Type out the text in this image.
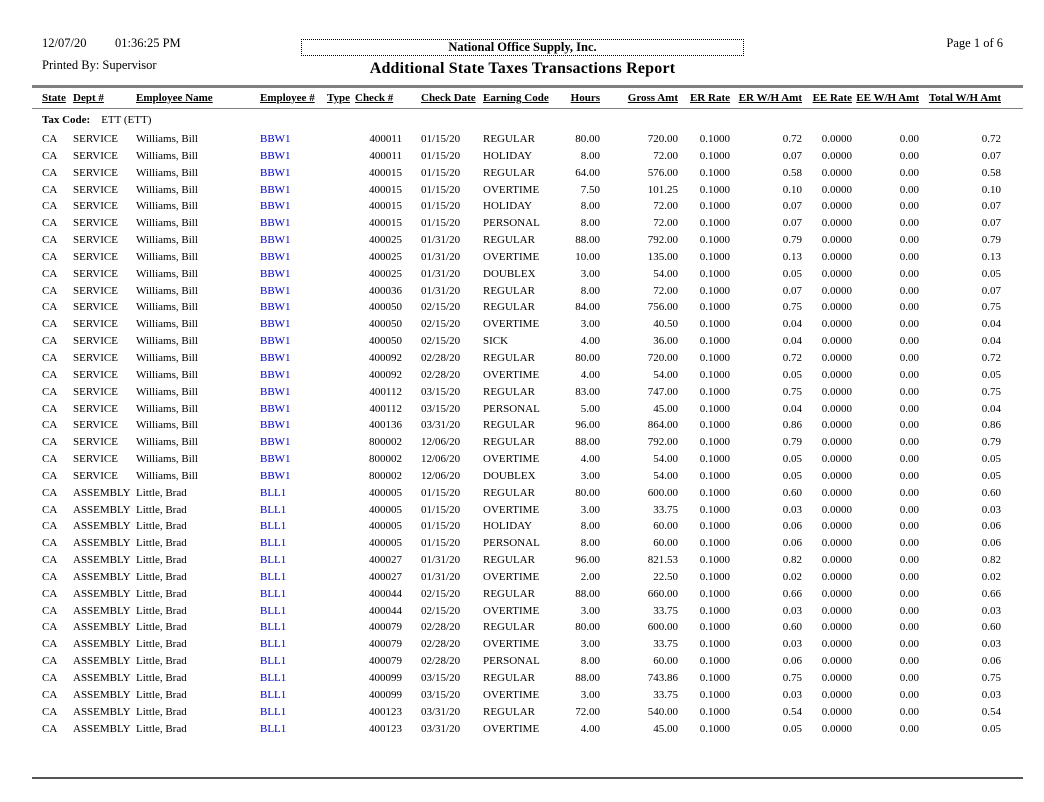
12/07/20	01:36:25 PM
Printed By: Supervisor
National Office Supply, Inc.
Additional State Taxes Transactions Report
Page 1 of 6
State	Dept #	Employee Name	Employee #	Type	Check #	Check Date	Earning Code	Hours	Gross Amt	ER Rate	ER W/H Amt	EE Rate	EE W/H Amt	Total W/H Amt
Tax Code: ETT (ETT)
CA	SERVICE	Williams, Bill	BBW1		400011	01/15/20	REGULAR	80.00	720.00	0.1000	0.72	0.0000	0.00	0.72
CA	SERVICE	Williams, Bill	BBW1		400011	01/15/20	HOLIDAY	8.00	72.00	0.1000	0.07	0.0000	0.00	0.07
CA	SERVICE	Williams, Bill	BBW1		400015	01/15/20	REGULAR	64.00	576.00	0.1000	0.58	0.0000	0.00	0.58
CA	SERVICE	Williams, Bill	BBW1		400015	01/15/20	OVERTIME	7.50	101.25	0.1000	0.10	0.0000	0.00	0.10
CA	SERVICE	Williams, Bill	BBW1		400015	01/15/20	HOLIDAY	8.00	72.00	0.1000	0.07	0.0000	0.00	0.07
CA	SERVICE	Williams, Bill	BBW1		400015	01/15/20	PERSONAL	8.00	72.00	0.1000	0.07	0.0000	0.00	0.07
CA	SERVICE	Williams, Bill	BBW1		400025	01/31/20	REGULAR	88.00	792.00	0.1000	0.79	0.0000	0.00	0.79
CA	SERVICE	Williams, Bill	BBW1		400025	01/31/20	OVERTIME	10.00	135.00	0.1000	0.13	0.0000	0.00	0.13
CA	SERVICE	Williams, Bill	BBW1		400025	01/31/20	DOUBLEX	3.00	54.00	0.1000	0.05	0.0000	0.00	0.05
CA	SERVICE	Williams, Bill	BBW1		400036	01/31/20	REGULAR	8.00	72.00	0.1000	0.07	0.0000	0.00	0.07
CA	SERVICE	Williams, Bill	BBW1		400050	02/15/20	REGULAR	84.00	756.00	0.1000	0.75	0.0000	0.00	0.75
CA	SERVICE	Williams, Bill	BBW1		400050	02/15/20	OVERTIME	3.00	40.50	0.1000	0.04	0.0000	0.00	0.04
CA	SERVICE	Williams, Bill	BBW1		400050	02/15/20	SICK	4.00	36.00	0.1000	0.04	0.0000	0.00	0.04
CA	SERVICE	Williams, Bill	BBW1		400092	02/28/20	REGULAR	80.00	720.00	0.1000	0.72	0.0000	0.00	0.72
CA	SERVICE	Williams, Bill	BBW1		400092	02/28/20	OVERTIME	4.00	54.00	0.1000	0.05	0.0000	0.00	0.05
CA	SERVICE	Williams, Bill	BBW1		400112	03/15/20	REGULAR	83.00	747.00	0.1000	0.75	0.0000	0.00	0.75
CA	SERVICE	Williams, Bill	BBW1		400112	03/15/20	PERSONAL	5.00	45.00	0.1000	0.04	0.0000	0.00	0.04
CA	SERVICE	Williams, Bill	BBW1		400136	03/31/20	REGULAR	96.00	864.00	0.1000	0.86	0.0000	0.00	0.86
CA	SERVICE	Williams, Bill	BBW1		800002	12/06/20	REGULAR	88.00	792.00	0.1000	0.79	0.0000	0.00	0.79
CA	SERVICE	Williams, Bill	BBW1		800002	12/06/20	OVERTIME	4.00	54.00	0.1000	0.05	0.0000	0.00	0.05
CA	SERVICE	Williams, Bill	BBW1		800002	12/06/20	DOUBLEX	3.00	54.00	0.1000	0.05	0.0000	0.00	0.05
CA	ASSEMBLY	Little, Brad	BLL1		400005	01/15/20	REGULAR	80.00	600.00	0.1000	0.60	0.0000	0.00	0.60
CA	ASSEMBLY	Little, Brad	BLL1		400005	01/15/20	OVERTIME	3.00	33.75	0.1000	0.03	0.0000	0.00	0.03
CA	ASSEMBLY	Little, Brad	BLL1		400005	01/15/20	HOLIDAY	8.00	60.00	0.1000	0.06	0.0000	0.00	0.06
CA	ASSEMBLY	Little, Brad	BLL1		400005	01/15/20	PERSONAL	8.00	60.00	0.1000	0.06	0.0000	0.00	0.06
CA	ASSEMBLY	Little, Brad	BLL1		400027	01/31/20	REGULAR	96.00	821.53	0.1000	0.82	0.0000	0.00	0.82
CA	ASSEMBLY	Little, Brad	BLL1		400027	01/31/20	OVERTIME	2.00	22.50	0.1000	0.02	0.0000	0.00	0.02
CA	ASSEMBLY	Little, Brad	BLL1		400044	02/15/20	REGULAR	88.00	660.00	0.1000	0.66	0.0000	0.00	0.66
CA	ASSEMBLY	Little, Brad	BLL1		400044	02/15/20	OVERTIME	3.00	33.75	0.1000	0.03	0.0000	0.00	0.03
CA	ASSEMBLY	Little, Brad	BLL1		400079	02/28/20	REGULAR	80.00	600.00	0.1000	0.60	0.0000	0.00	0.60
CA	ASSEMBLY	Little, Brad	BLL1		400079	02/28/20	OVERTIME	3.00	33.75	0.1000	0.03	0.0000	0.00	0.03
CA	ASSEMBLY	Little, Brad	BLL1		400079	02/28/20	PERSONAL	8.00	60.00	0.1000	0.06	0.0000	0.00	0.06
CA	ASSEMBLY	Little, Brad	BLL1		400099	03/15/20	REGULAR	88.00	743.86	0.1000	0.75	0.0000	0.00	0.75
CA	ASSEMBLY	Little, Brad	BLL1		400099	03/15/20	OVERTIME	3.00	33.75	0.1000	0.03	0.0000	0.00	0.03
CA	ASSEMBLY	Little, Brad	BLL1		400123	03/31/20	REGULAR	72.00	540.00	0.1000	0.54	0.0000	0.00	0.54
CA	ASSEMBLY	Little, Brad	BLL1		400123	03/31/20	OVERTIME	4.00	45.00	0.1000	0.05	0.0000	0.00	0.05
